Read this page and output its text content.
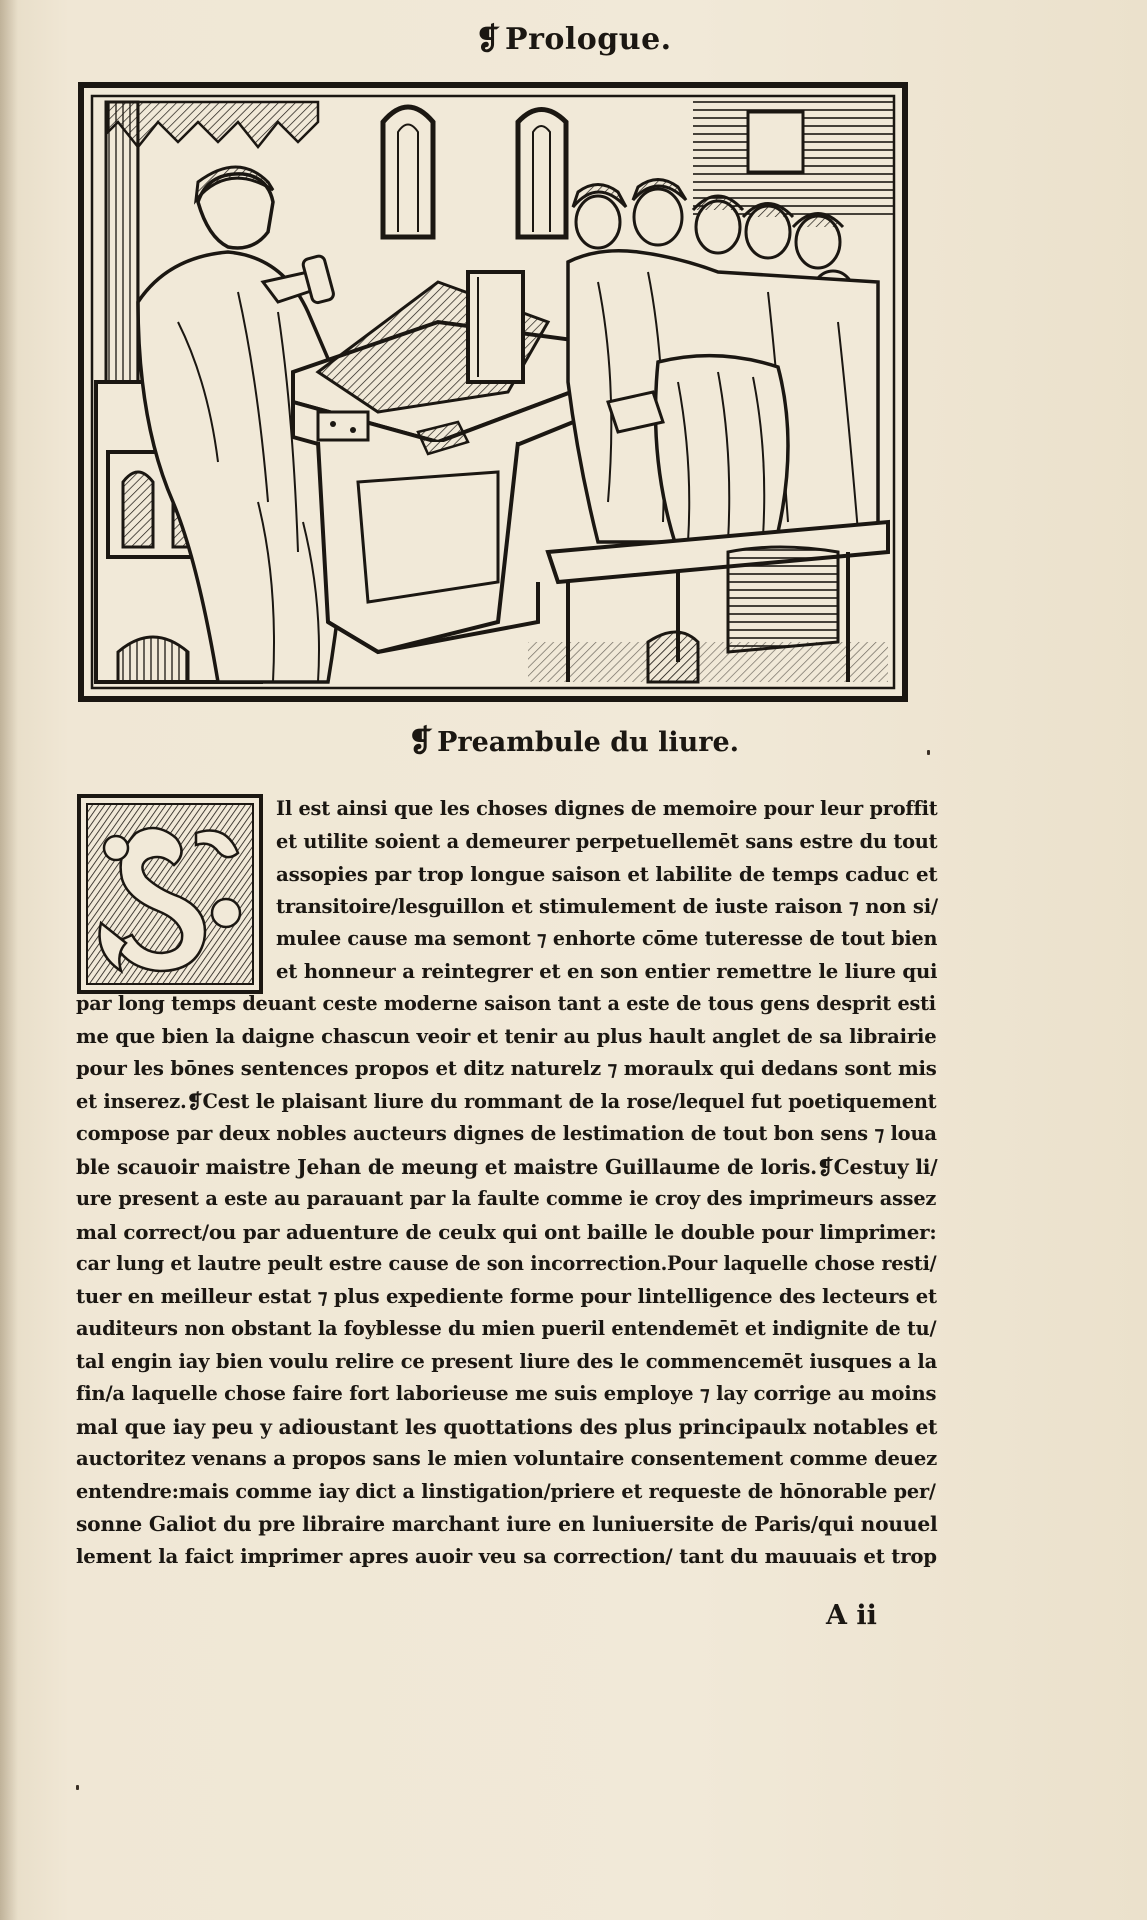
❡ Prologue.
❡ Preambule du liure.
Il est ainsi que les choses dignes de memoire pour leur proffit
et utilite soient a demeurer perpetuellemēt sans estre du tout
assopies par trop longue saison et labilite de temps caduc et
transitoire/lesguillon et stimulement de iuste raison ⁊ non si/
mulee cause ma semont ⁊ enhorte cōme tuteresse de tout bien
et honneur a reintegrer et en son entier remettre le liure qui
par long temps deuant ceste moderne saison tant a este de tous gens desprit esti
me que bien la daigne chascun veoir et tenir au plus hault anglet de sa librairie
pour les bōnes sentences propos et ditz naturelz ⁊ moraulx qui dedans sont mis
et inserez.❡Cest le plaisant liure du rommant de la rose/lequel fut poetiquement
compose par deux nobles aucteurs dignes de lestimation de tout bon sens ⁊ loua
ble scauoir maistre Jehan de meung et maistre Guillaume de loris.❡Cestuy li/
ure present a este au parauant par la faulte comme ie croy des imprimeurs assez
mal correct/ou par aduenture de ceulx qui ont baille le double pour limprimer:
car lung et lautre peult estre cause de son incorrection.Pour laquelle chose resti/
tuer en meilleur estat ⁊ plus expediente forme pour lintelligence des lecteurs et
auditeurs non obstant la foyblesse du mien pueril entendemēt et indignite de tu/
tal engin iay bien voulu relire ce present liure des le commencemēt iusques a la
fin/a laquelle chose faire fort laborieuse me suis employe ⁊ lay corrige au moins
mal que iay peu y adioustant les quottations des plus principaulx notables et
auctoritez venans a propos sans le mien voluntaire consentement comme deuez
entendre:mais comme iay dict a linstigation/priere et requeste de hōnorable per/
sonne Galiot du pre libraire marchant iure en luniuersite de Paris/qui nouuel
lement la faict imprimer apres auoir veu sa correction/ tant du mauuais et trop
A ii
